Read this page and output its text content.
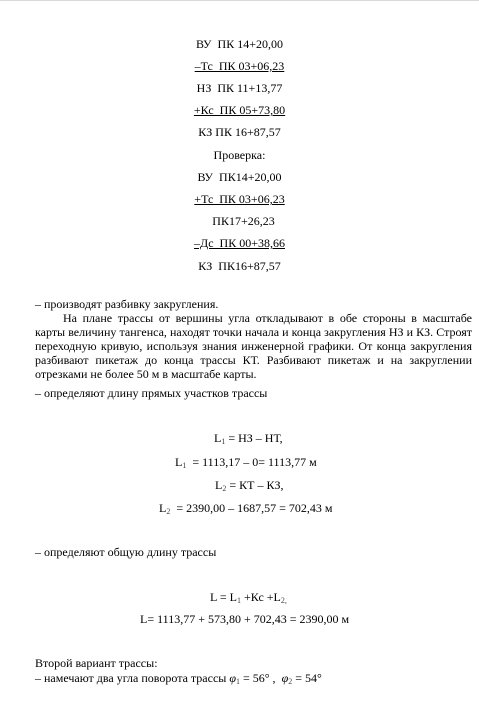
ВУ  ПК 14+20,00
–Тс  ПК 03+06,23
НЗ  ПК 11+13,77
+Кс  ПК 05+73,80
КЗ ПК 16+87,57
Проверка:
ВУ  ПК14+20,00
+Тс  ПК 03+06,23
ПК17+26,23
–Дс  ПК 00+38,66
КЗ  ПК16+87,57
– производят разбивку закругления.
На плане трассы от вершины угла откладывают в обе стороны в масштабе карты величину тангенса, находят точки начала и конца закругления НЗ и КЗ. Строят переходную кривую, используя знания инженерной графики. От конца закругления разбивают пикетаж до конца трассы КТ. Разбивают пикетаж и на закруглении отрезками не более 50 м в масштабе карты.
– определяют длину прямых участков трассы
$L_1$ = НЗ – НТ,
$L_1 = 1113,17 - 0= 1113,77$ м
$L_2$ = КТ – КЗ,
$L_2 = 2390,00 - 1687,57 = 702,43$ м
– определяют общую длину трассы
$L = L_1 +Кс +L_{2,}$
L= 1113,77 + 573,80 + 702,43 = 2390,00 м
Второй вариант трассы:
– намечают два угла поворота трассы $\varphi_1 = 56^\circ$ ,  $\varphi_2 = 54^\circ$
